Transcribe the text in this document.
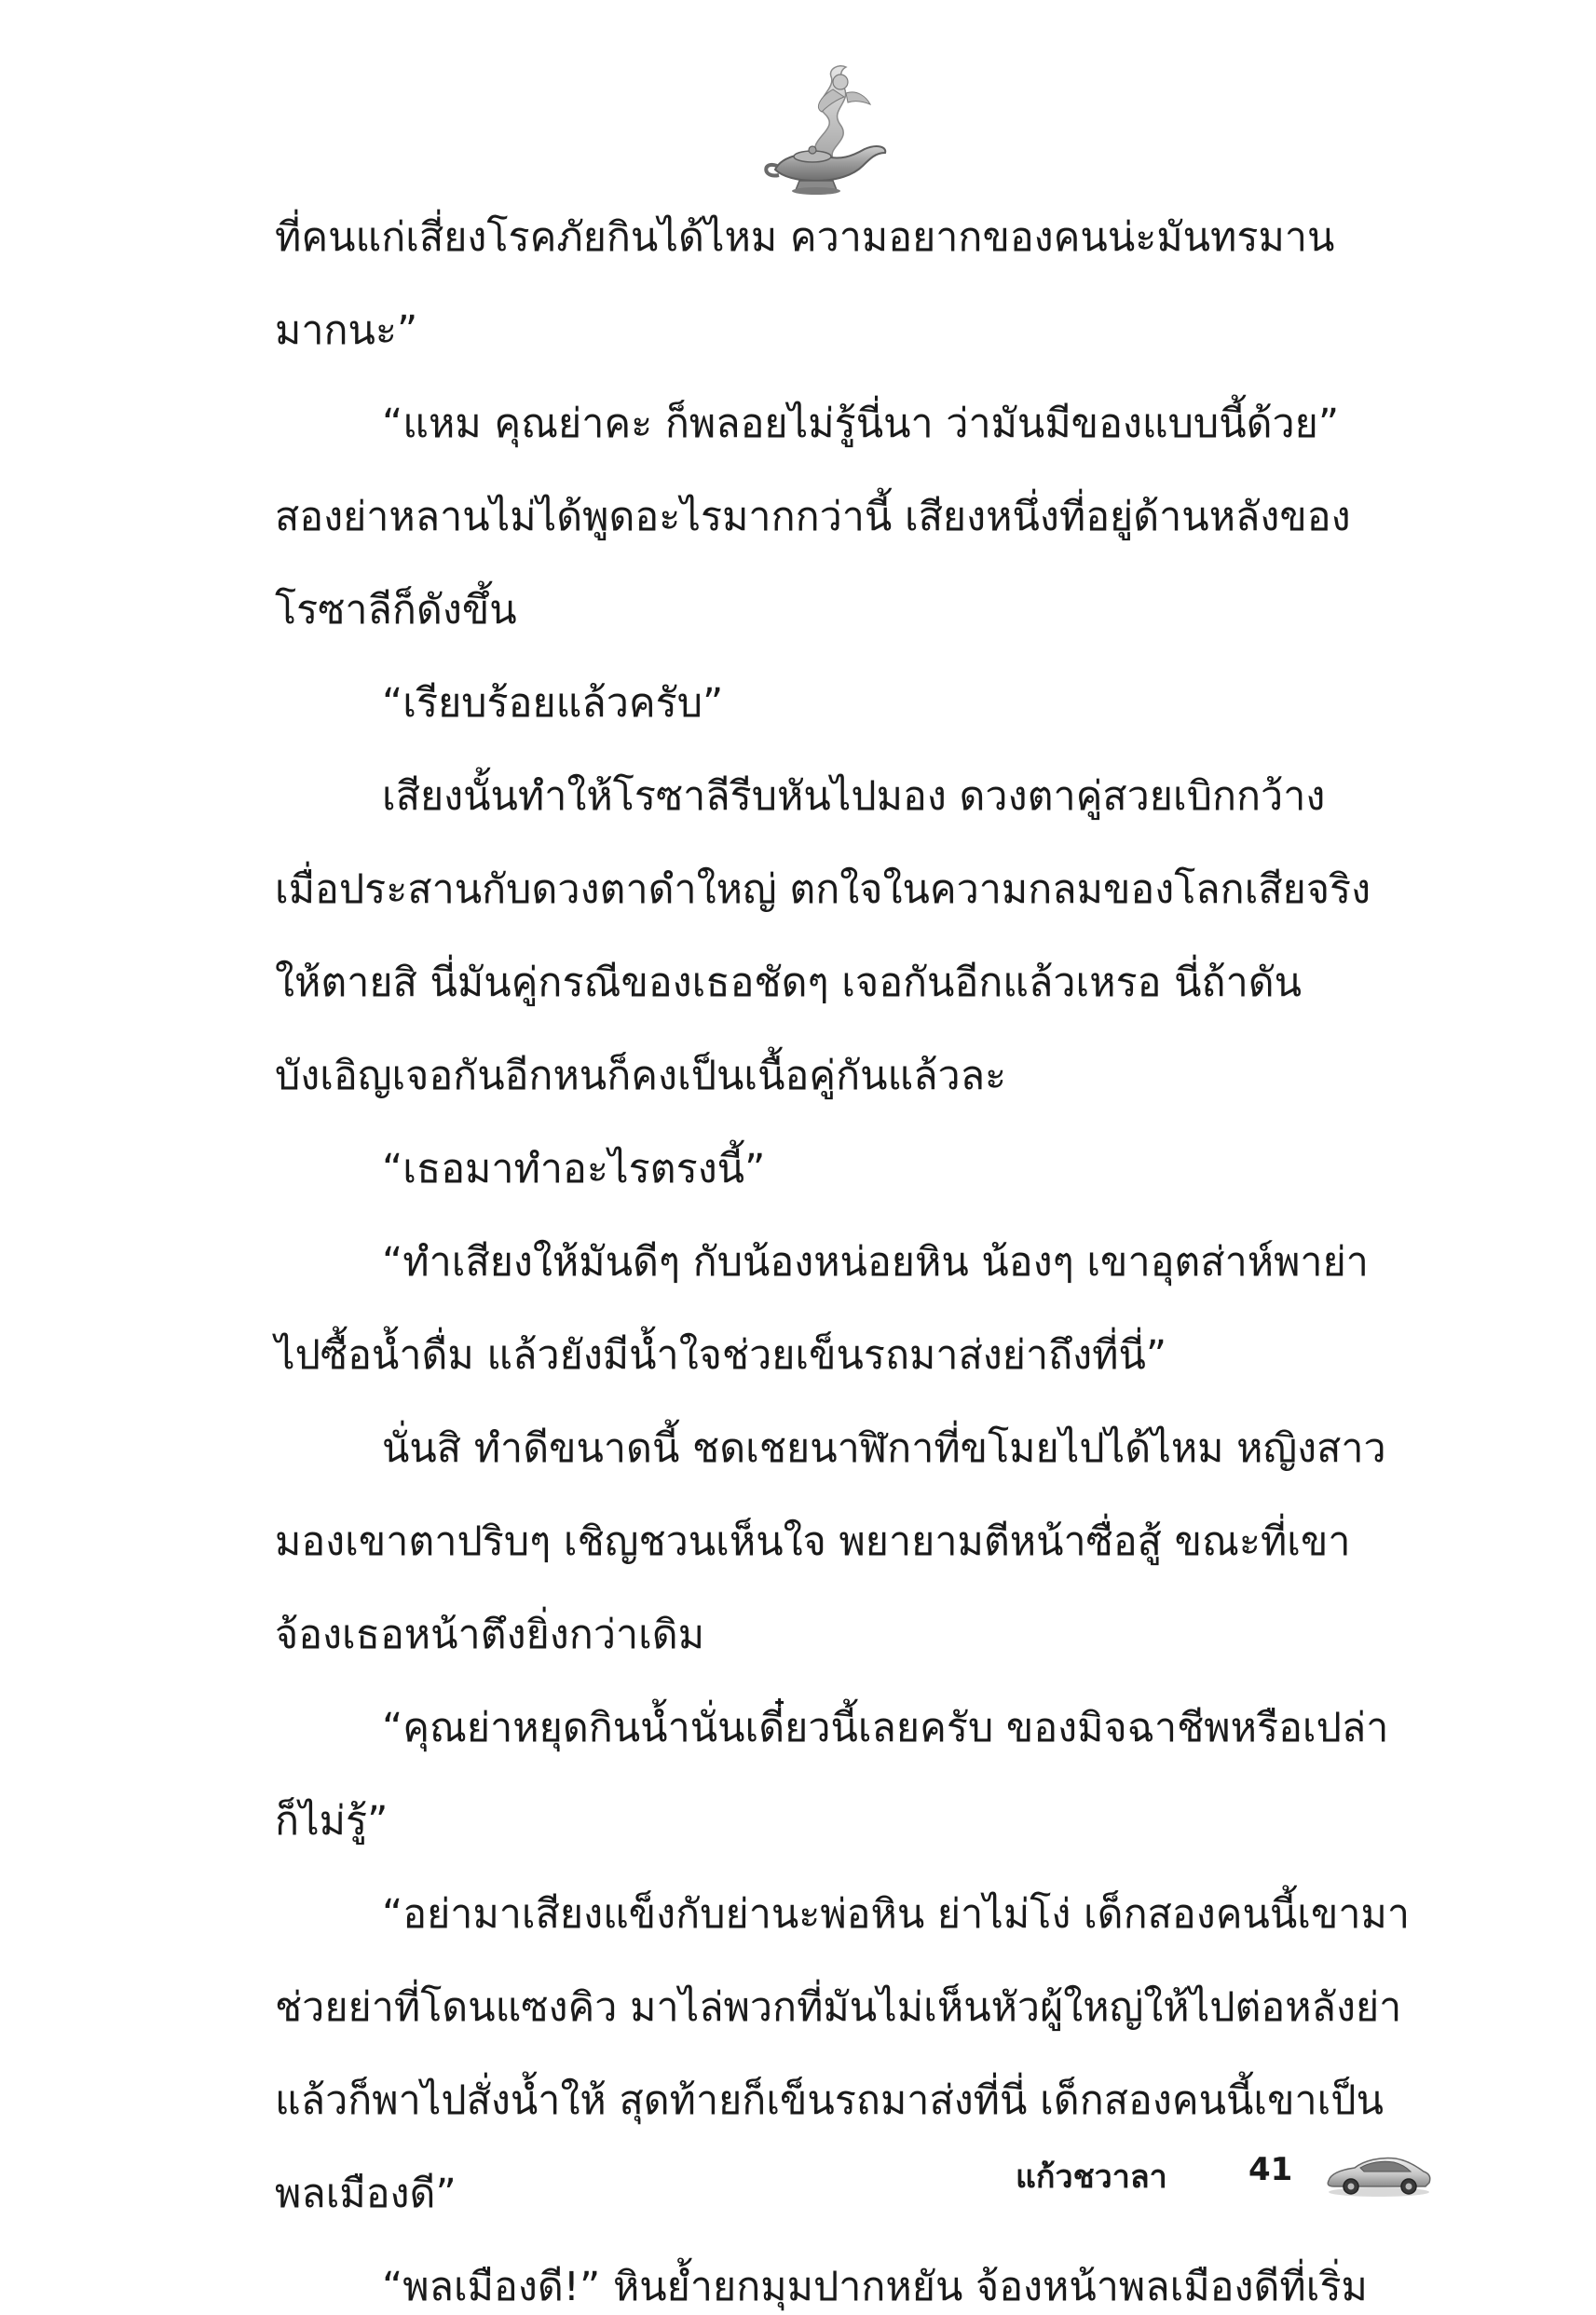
ที่คนแก่เสี่ยงโรคภัยกินได้ไหม ความอยากของคนน่ะมันทรมาน
มากนะ”
“แหม คุณย่าคะ ก็พลอยไม่รู้นี่นา ว่ามันมีของแบบนี้ด้วย”
สองย่าหลานไม่ได้พูดอะไรมากกว่านี้ เสียงหนึ่งที่อยู่ด้านหลังของ
โรซาลีก็ดังขึ้น
“เรียบร้อยแล้วครับ”
เสียงนั้นทำให้โรซาลีรีบหันไปมอง ดวงตาคู่สวยเบิกกว้าง
เมื่อประสานกับดวงตาดำใหญ่ ตกใจในความกลมของโลกเสียจริง
ให้ตายสิ นี่มันคู่กรณีของเธอชัดๆ เจอกันอีกแล้วเหรอ นี่ถ้าดัน
บังเอิญเจอกันอีกหนก็คงเป็นเนื้อคู่กันแล้วละ
“เธอมาทำอะไรตรงนี้”
“ทำเสียงให้มันดีๆ กับน้องหน่อยหิน น้องๆ เขาอุตส่าห์พาย่า
ไปซื้อน้ำดื่ม แล้วยังมีน้ำใจช่วยเข็นรถมาส่งย่าถึงที่นี่”
นั่นสิ ทำดีขนาดนี้ ชดเชยนาฬิกาที่ขโมยไปได้ไหม หญิงสาว
มองเขาตาปริบๆ เชิญชวนเห็นใจ พยายามตีหน้าซื่อสู้ ขณะที่เขา
จ้องเธอหน้าตึงยิ่งกว่าเดิม
“คุณย่าหยุดกินน้ำนั่นเดี๋ยวนี้เลยครับ ของมิจฉาชีพหรือเปล่า
ก็ไม่รู้”
“อย่ามาเสียงแข็งกับย่านะพ่อหิน ย่าไม่โง่ เด็กสองคนนี้เขามา
ช่วยย่าที่โดนแซงคิว มาไล่พวกที่มันไม่เห็นหัวผู้ใหญ่ให้ไปต่อหลังย่า
แล้วก็พาไปสั่งน้ำให้ สุดท้ายก็เข็นรถมาส่งที่นี่ เด็กสองคนนี้เขาเป็น
พลเมืองดี”
“พลเมืองดี!” หินย้ำยกมุมปากหยัน จ้องหน้าพลเมืองดีที่เริ่ม
แก้วชวาลา	41
